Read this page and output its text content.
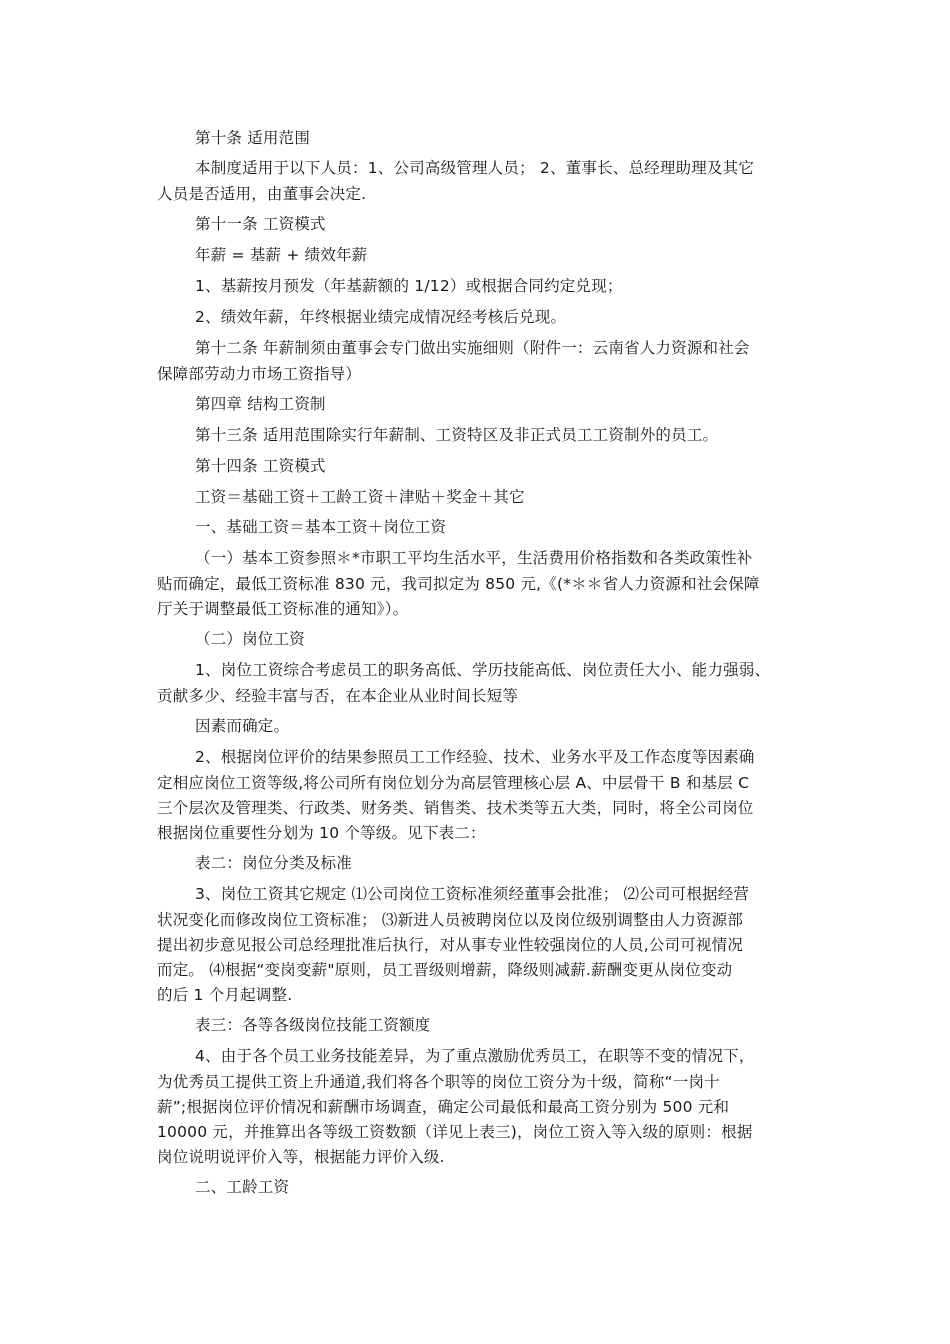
第十条 适用范围
本制度适用于以下人员：1、公司高级管理人员； 2、董事长、总经理助理及其它
人员是否适用，由董事会决定.
第十一条 工资模式
年薪 = 基薪 + 绩效年薪
1、基薪按月预发（年基薪额的 1/12）或根据合同约定兑现；
2、绩效年薪，年终根据业绩完成情况经考核后兑现。
第十二条 年薪制须由董事会专门做出实施细则（附件一：云南省人力资源和社会
保障部劳动力市场工资指导）
第四章 结构工资制
第十三条 适用范围除实行年薪制、工资特区及非正式员工工资制外的员工。
第十四条 工资模式
工资＝基础工资＋工龄工资＋津贴＋奖金＋其它
一、基础工资＝基本工资＋岗位工资
（一）基本工资参照＊*市职工平均生活水平，生活费用价格指数和各类政策性补
贴而确定，最低工资标准 830 元，我司拟定为 850 元,《(*＊＊省人力资源和社会保障
厅关于调整最低工资标准的通知》）。
（二）岗位工资
1、岗位工资综合考虑员工的职务高低、学历技能高低、岗位责任大小、能力强弱、
贡献多少、经验丰富与否，在本企业从业时间长短等
因素而确定。
2、根据岗位评价的结果参照员工工作经验、技术、业务水平及工作态度等因素确
定相应岗位工资等级,将公司所有岗位划分为高层管理核心层 A、中层骨干 B 和基层 C
三个层次及管理类、行政类、财务类、销售类、技术类等五大类，同时，将全公司岗位
根据岗位重要性分划为 10 个等级。见下表二：
表二：岗位分类及标准
3、岗位工资其它规定 ⑴公司岗位工资标准须经董事会批准； ⑵公司可根据经营
状况变化而修改岗位工资标准； ⑶新进人员被聘岗位以及岗位级别调整由人力资源部
提出初步意见报公司总经理批准后执行，对从事专业性较强岗位的人员,公司可视情况
而定。 ⑷根据“变岗变薪"原则，员工晋级则增薪，降级则减薪.薪酬变更从岗位变动
的后 1 个月起调整.
表三：各等各级岗位技能工资额度
4、由于各个员工业务技能差异，为了重点激励优秀员工，在职等不变的情况下，
为优秀员工提供工资上升通道,我们将各个职等的岗位工资分为十级，简称“一岗十
薪”;根据岗位评价情况和薪酬市场调查，确定公司最低和最高工资分别为 500 元和
10000 元，并推算出各等级工资数额（详见上表三)，岗位工资入等入级的原则：根据
岗位说明说评价入等，根据能力评价入级.
二、工龄工资
